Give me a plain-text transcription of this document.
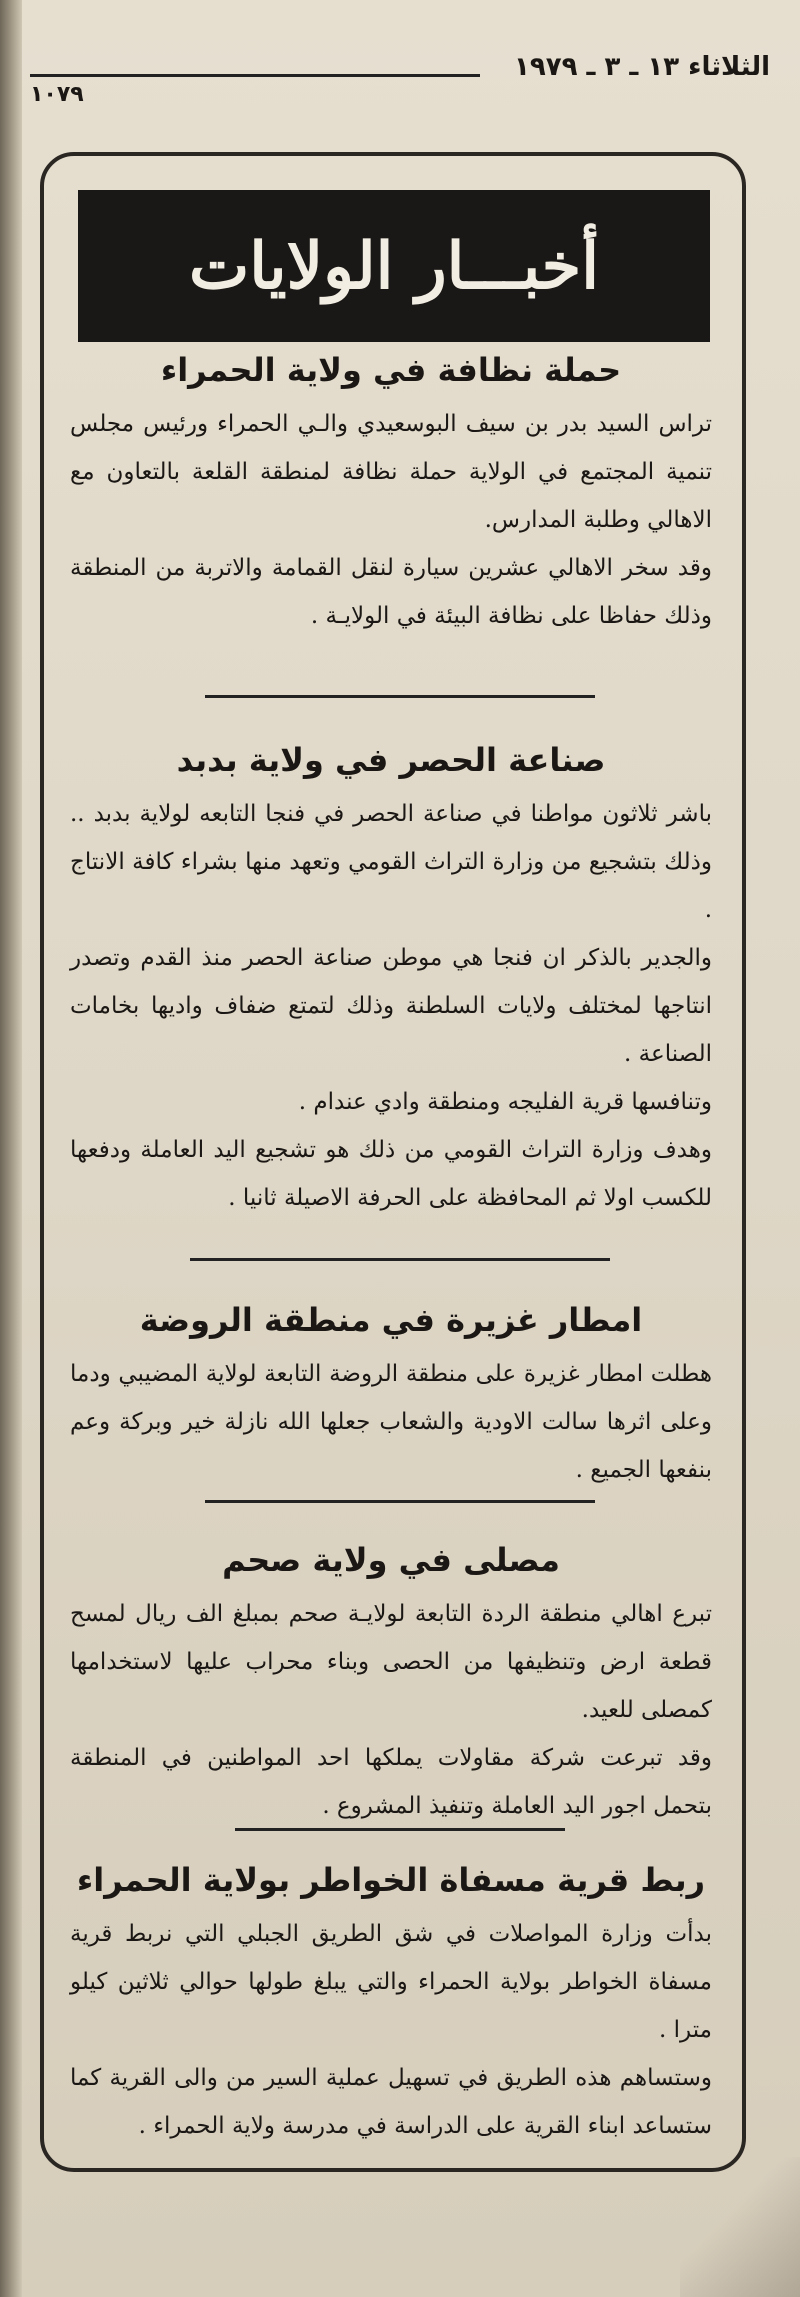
الثلاثاء ١٣ ـ ٣ ـ ١٩٧٩
١٠٧٩
أخبـــار الولايات
حملة نظافة في ولاية الحمراء

تراس السيد بدر بن سيف البوسعيدي والـي الحمراء ورئيس مجلس تنمية المجتمع في الولاية حملة نظافة لمنطقة القلعة بالتعاون مع الاهالي وطلبة المدارس.

وقد سخر الاهالي عشرين سيارة لنقل القمامة والاتربة من المنطقة وذلك حفاظا على نظافة البيئة في الولايـة .

صناعة الحصر في ولاية بدبد

باشر ثلاثون مواطنا في صناعة الحصر في فنجا التابعه لولاية بدبد .. وذلك بتشجيع من وزارة التراث القومي وتعهد منها بشراء كافة الانتاج .

والجدير بالذكر ان فنجا هي موطن صناعة الحصر منذ القدم وتصدر انتاجها لمختلف ولايات السلطنة وذلك لتمتع ضفاف واديها بخامات الصناعة .

وتنافسها قرية الفليجه ومنطقة وادي عندام .

وهدف وزارة التراث القومي من ذلك هو تشجيع اليد العاملة ودفعها للكسب اولا ثم المحافظة على الحرفة الاصيلة ثانيا .

امطار غزيرة في منطقة الروضة

هطلت امطار غزيرة على منطقة الروضة التابعة لولاية المضيبي ودما وعلى اثرها سالت الاودية والشعاب جعلها الله نازلة خير وبركة وعم بنفعها الجميع .

مصلى في ولاية صحم

تبرع اهالي منطقة الردة التابعة لولايـة صحم بمبلغ الف ريال لمسح قطعة ارض وتنظيفها من الحصى وبناء محراب عليها لاستخدامها كمصلى للعيد.

وقد تبرعت شركة مقاولات يملكها احد المواطنين في المنطقة بتحمل اجور اليد العاملة وتنفيذ المشروع .

ربط قرية مسفاة الخواطر بولاية الحمراء

بدأت وزارة المواصلات في شق الطريق الجبلي التي نربط قرية مسفاة الخواطر بولاية الحمراء والتي يبلغ طولها حوالي ثلاثين كيلو مترا .

وستساهم هذه الطريق في تسهيل عملية السير من والى القرية كما ستساعد ابناء القرية على الدراسة في مدرسة ولاية الحمراء .
